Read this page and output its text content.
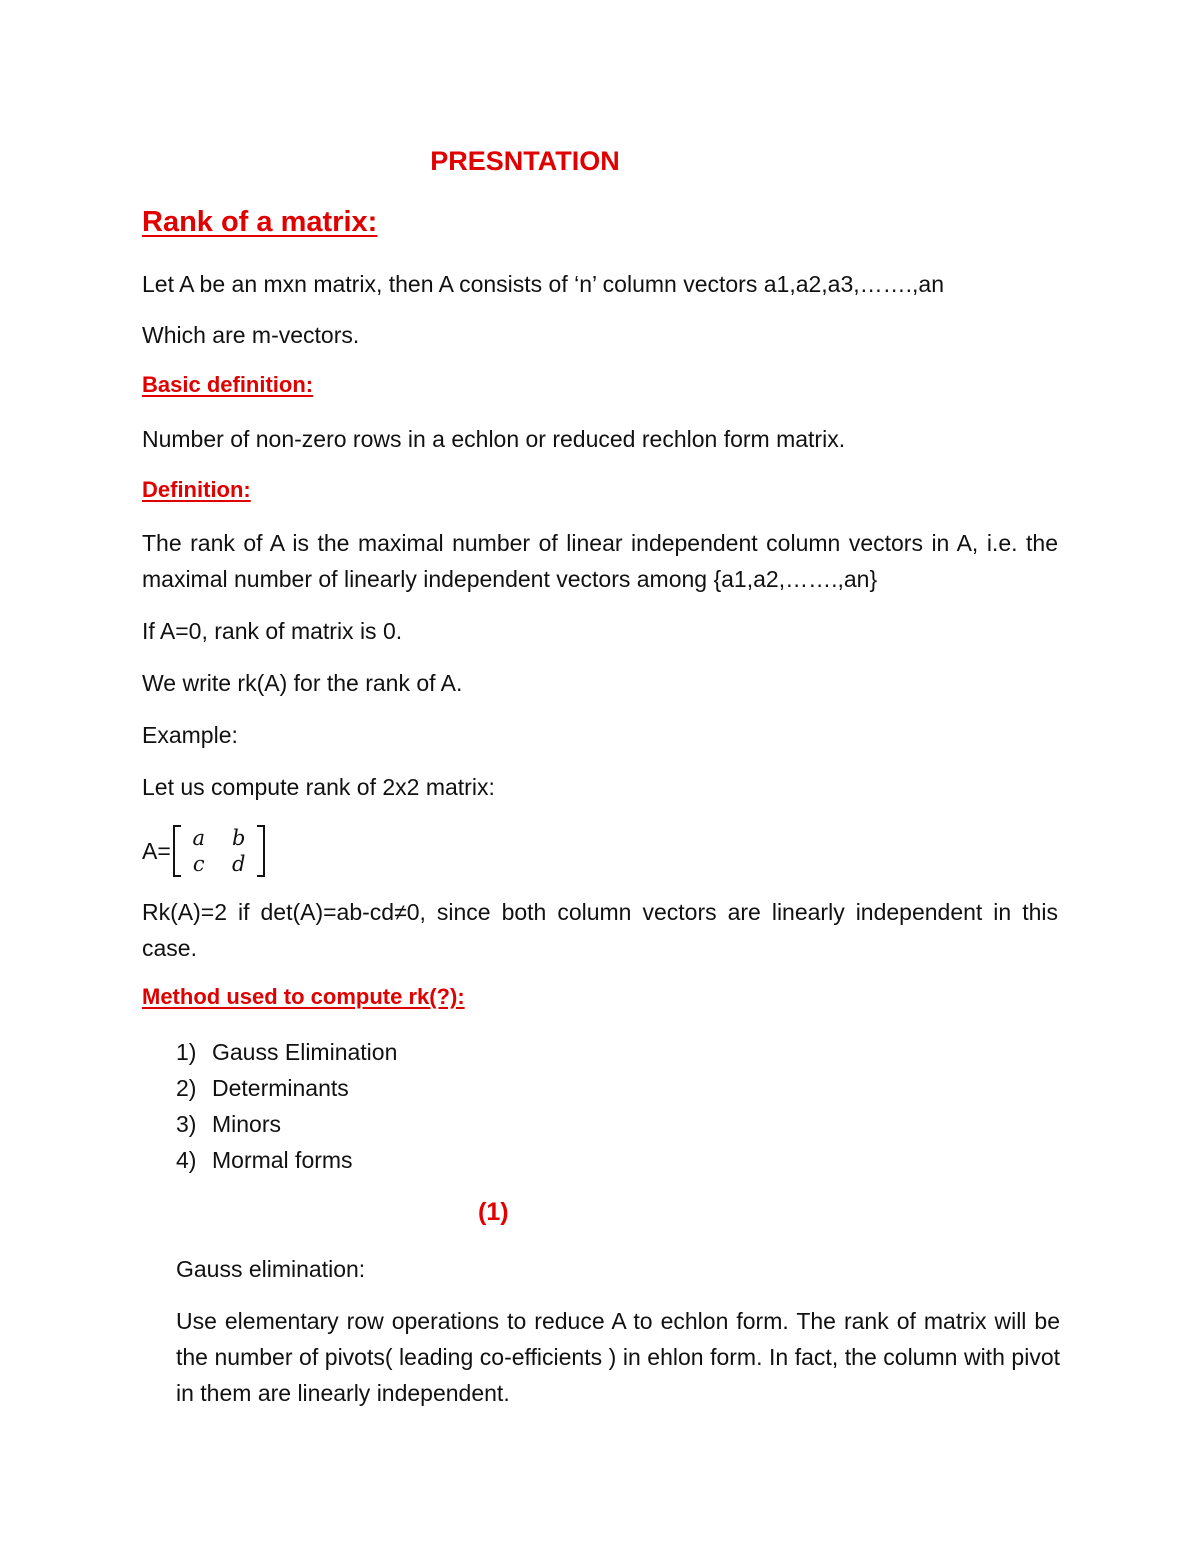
PRESNTATION
Rank of a matrix:
Let A be an mxn matrix, then A consists of ‘n’ column vectors a1,a2,a3,…….,an
Which are m-vectors.
Basic definition:
Number of non-zero rows in a echlon or reduced rechlon form matrix.
Definition:
The rank of A is the maximal number of linear independent column vectors in A, i.e. the maximal number of linearly independent vectors among {a1,a2,…….,an}
If A=0, rank of matrix is 0.
We write rk(A) for the rank of A.
Example:
Let us compute rank of 2x2 matrix:
A=	a	b
c	d
Rk(A)=2 if det(A)=ab-cd≠0, since both column vectors are linearly independent in this case.
Method used to compute rk(?):
1) Gauss Elimination
2) Determinants
3) Minors
4) Mormal forms
(1)
Gauss elimination:
Use elementary row operations to reduce A to echlon form. The rank of matrix will be the number of pivots( leading co-efficients ) in ehlon form. In fact, the column with pivot in them are linearly independent.
